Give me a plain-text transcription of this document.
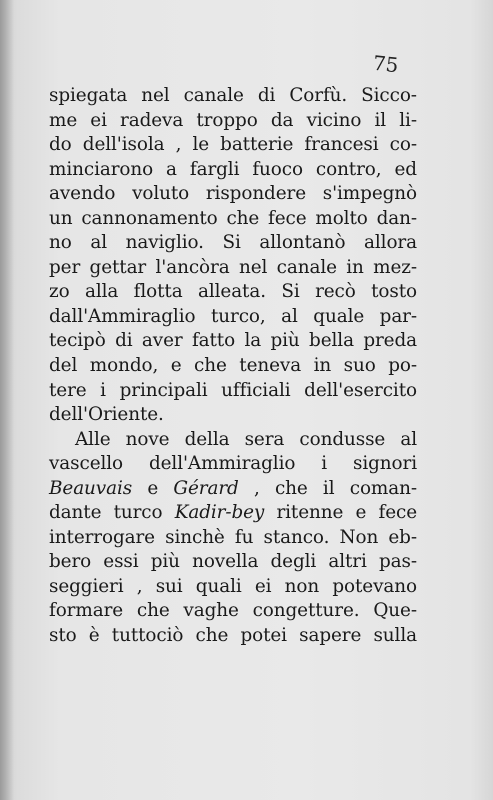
75
spiegata nel canale di Corfù. Sicco-
me ei radeva troppo da vicino il li-
do dell'isola , le batterie francesi co-
minciarono a fargli fuoco contro, ed
avendo voluto rispondere s'impegnò
un cannonamento che fece molto dan-
no al naviglio. Si allontanò allora
per gettar l'ancòra nel canale in mez-
zo alla flotta alleata. Si recò tosto
dall'Ammiraglio turco, al quale par-
tecipò di aver fatto la più bella preda
del mondo, e che teneva in suo po-
tere i principali ufficiali dell'esercito
dell'Oriente.
Alle nove della sera condusse al
vascello dell'Ammiraglio i signori
Beauvais e Gérard , che il coman-
dante turco Kadir-bey ritenne e fece
interrogare sinchè fu stanco. Non eb-
bero essi più novella degli altri pas-
seggieri , sui quali ei non potevano
formare che vaghe congetture. Que-
sto è tuttociò che potei sapere sulla
